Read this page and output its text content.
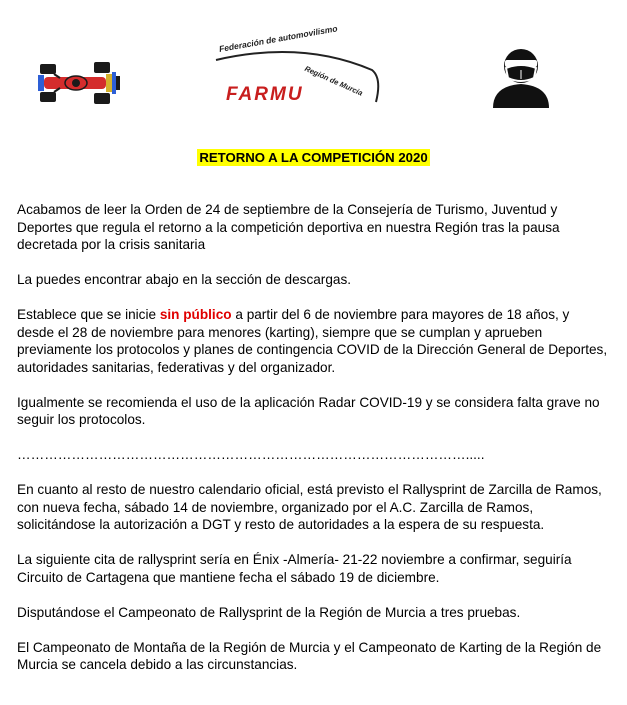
Federación de automovilismo
Región de Murcia
FARMU
RETORNO A LA COMPETICIÓN 2020

Acabamos de leer la Orden de 24 de septiembre de la Consejería de Turismo, Juventud y Deportes que regula el retorno a la competición deportiva en nuestra Región tras la pausa decretada por la crisis sanitaria

La puedes encontrar abajo en la sección de descargas.

Establece que se inicie sin público a partir del 6 de noviembre para mayores de 18 años, y desde el 28 de noviembre para menores (karting), siempre que se cumplan y aprueben previamente los protocolos y planes de contingencia COVID de la Dirección General de Deportes, autoridades sanitarias, federativas y del organizador.

Igualmente se recomienda el uso de la aplicación Radar COVID-19 y se considera falta grave no seguir los protocolos.

……………………………………………………………………………………….....

En cuanto al resto de nuestro calendario oficial, está previsto el Rallysprint de Zarcilla de Ramos, con nueva fecha, sábado 14 de noviembre, organizado por el A.C. Zarcilla de Ramos, solicitándose la autorización a DGT y resto de autoridades a la espera de su respuesta.

La siguiente cita de rallysprint sería en Énix -Almería- 21-22 noviembre a confirmar, seguiría Circuito de Cartagena que mantiene fecha el sábado 19 de diciembre.

Disputándose el Campeonato de Rallysprint de la Región de Murcia a tres pruebas.

El Campeonato de Montaña de la Región de Murcia y el Campeonato de Karting de la Región de Murcia se cancela debido a las circunstancias.
